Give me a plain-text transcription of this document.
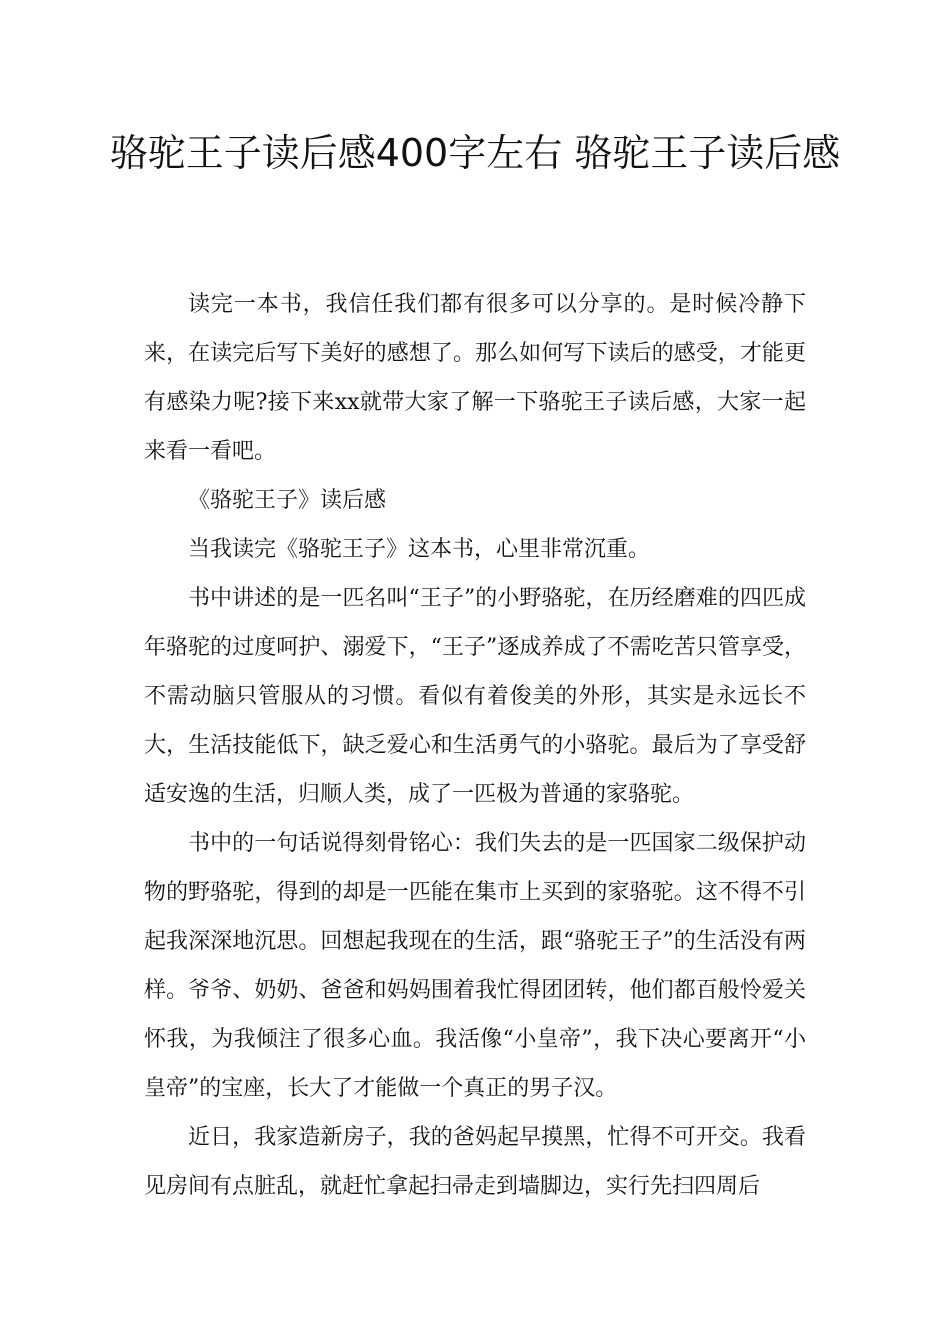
骆驼王子读后感400字左右 骆驼王子读后感

读完一本书，我信任我们都有很多可以分享的。是时候冷静下来，在读完后写下美好的感想了。那么如何写下读后的感受，才能更有感染力呢?接下来xx就带大家了解一下骆驼王子读后感，大家一起来看一看吧。

《骆驼王子》读后感

当我读完《骆驼王子》这本书，心里非常沉重。

书中讲述的是一匹名叫“王子”的小野骆驼，在历经磨难的四匹成年骆驼的过度呵护、溺爱下，“王子”逐成养成了不需吃苦只管享受，不需动脑只管服从的习惯。看似有着俊美的外形，其实是永远长不大，生活技能低下，缺乏爱心和生活勇气的小骆驼。最后为了享受舒适安逸的生活，归顺人类，成了一匹极为普通的家骆驼。

书中的一句话说得刻骨铭心：我们失去的是一匹国家二级保护动物的野骆驼，得到的却是一匹能在集市上买到的家骆驼。这不得不引起我深深地沉思。回想起我现在的生活，跟“骆驼王子”的生活没有两样。爷爷、奶奶、爸爸和妈妈围着我忙得团团转，他们都百般怜爱关怀我，为我倾注了很多心血。我活像“小皇帝”，我下决心要离开“小皇帝”的宝座，长大了才能做一个真正的男子汉。

近日，我家造新房子，我的爸妈起早摸黑，忙得不可开交。我看见房间有点脏乱，就赶忙拿起扫帚走到墙脚边，实行先扫四周后
